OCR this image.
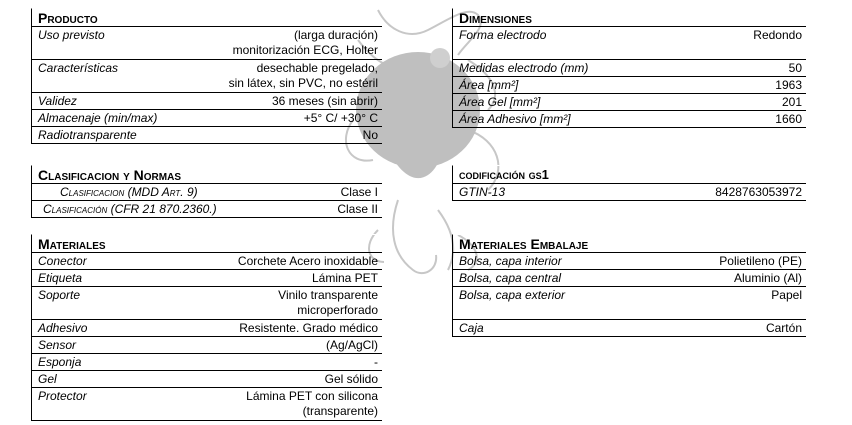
Producto
Uso previsto	(larga duración)
monitorización ECG, Holter
Características	desechable pregelado,
sin látex, sin PVC, no estéril
Validez	36 meses (sin abrir)
Almacenaje (min/max)	+5° C/ +30° C
Radiotransparente	No
Clasificacion y Normas
Clasificacion (MDD Art. 9)	Clase I
Clasificación (CFR 21 870.2360.)	Clase II
Materiales
Conector	Corchete Acero inoxidable
Etiqueta	Lámina PET
Soporte	Vinilo transparente
microperforado
Adhesivo	Resistente. Grado médico
Sensor	(Ag/AgCl)
Esponja	-
Gel	Gel sólido
Protector	Lámina PET con silicona
(transparente)
Dimensiones
Forma electrodo	Redondo
Medidas electrodo (mm)	50
Área [mm²]	1963
Área Gel [mm²]	201
Área Adhesivo [mm²]	1660
codificación gs1
GTIN-13	8428763053972
Materiales Embalaje
Bolsa, capa interior	Polietileno (PE)
Bolsa, capa central	Aluminio (Al)
Bolsa, capa exterior	Papel
Caja	Cartón
